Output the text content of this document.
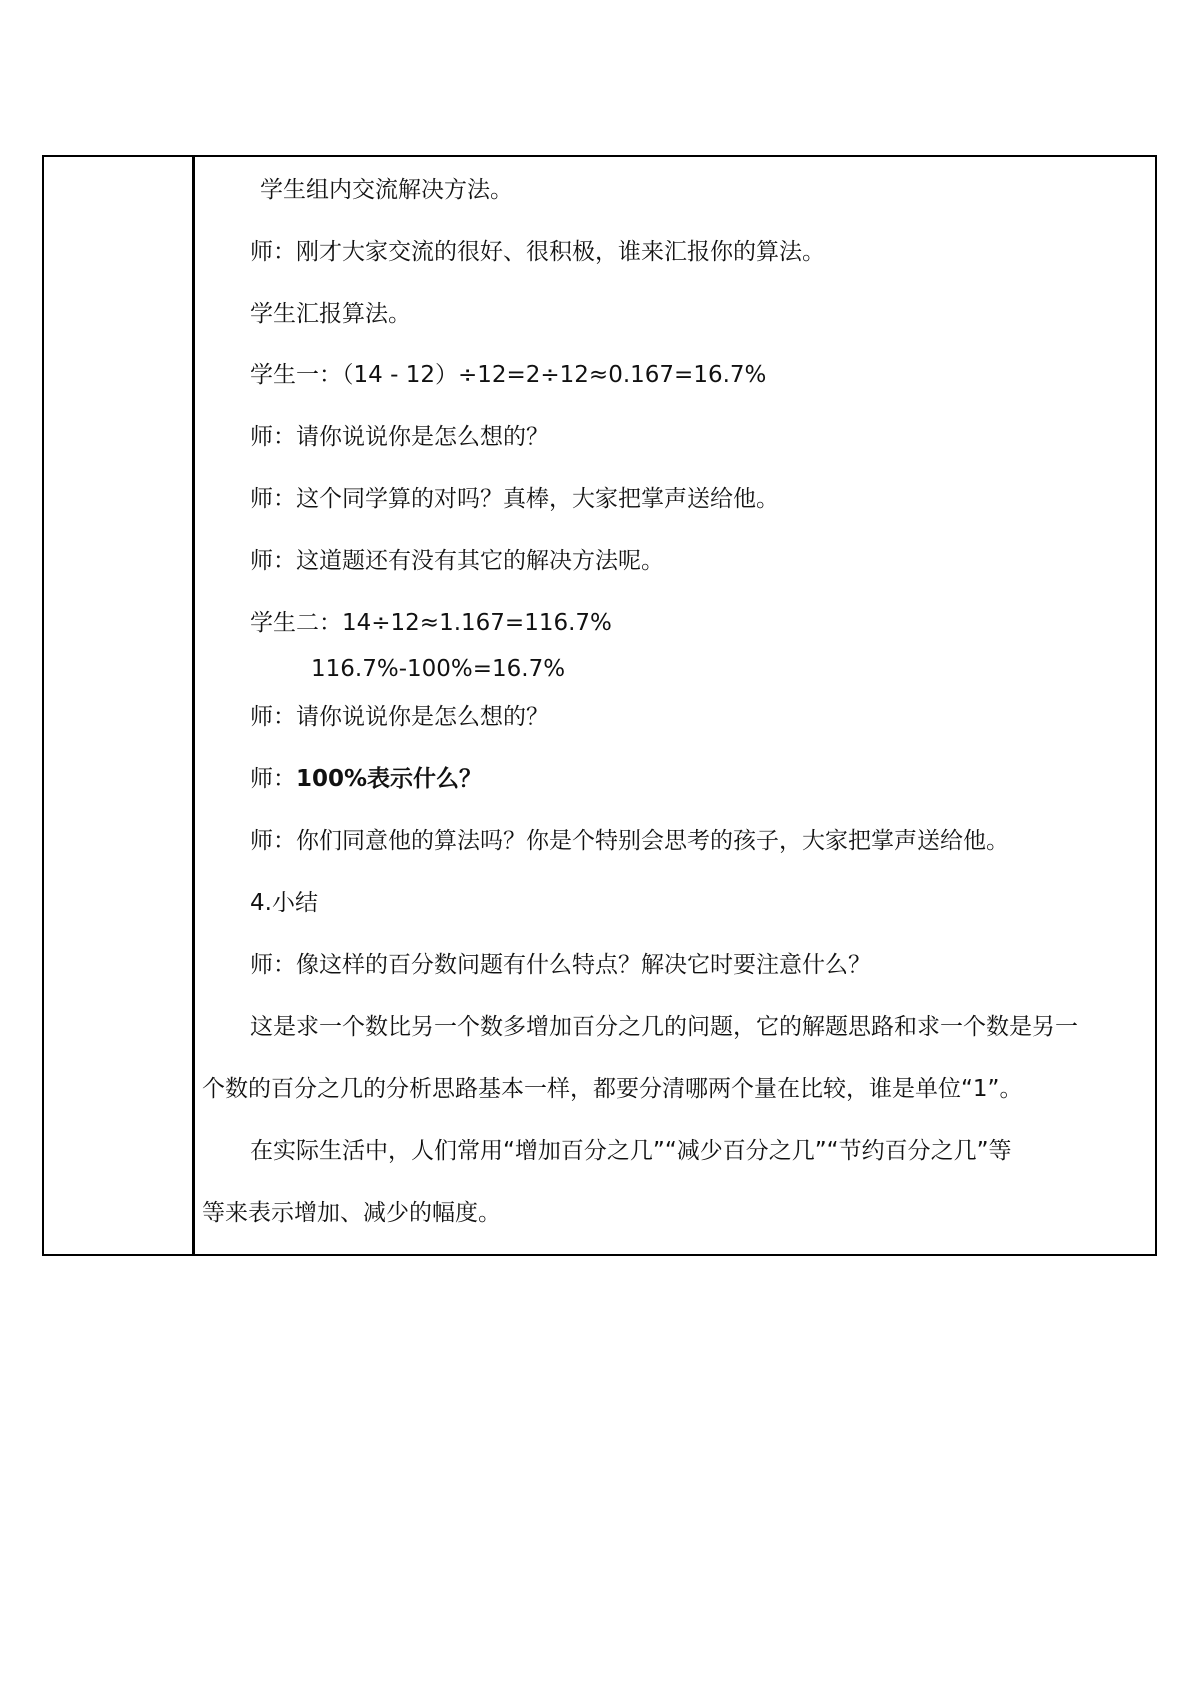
学生组内交流解决方法。
师：刚才大家交流的很好、很积极，谁来汇报你的算法。
学生汇报算法。
学生一：（14 - 12）÷12=2÷12≈0.167=16.7%
师：请你说说你是怎么想的？
师：这个同学算的对吗？真棒，大家把掌声送给他。
师：这道题还有没有其它的解决方法呢。
学生二：14÷12≈1.167=116.7%
116.7%-100%=16.7%
师：请你说说你是怎么想的？
师：100%表示什么？
师：你们同意他的算法吗？你是个特别会思考的孩子，大家把掌声送给他。
4.小结
师：像这样的百分数问题有什么特点？解决它时要注意什么？
这是求一个数比另一个数多增加百分之几的问题，它的解题思路和求一个数是另一
个数的百分之几的分析思路基本一样，都要分清哪两个量在比较，谁是单位“1”。
在实际生活中，人们常用“增加百分之几”“减少百分之几”“节约百分之几”等
等来表示增加、减少的幅度。
